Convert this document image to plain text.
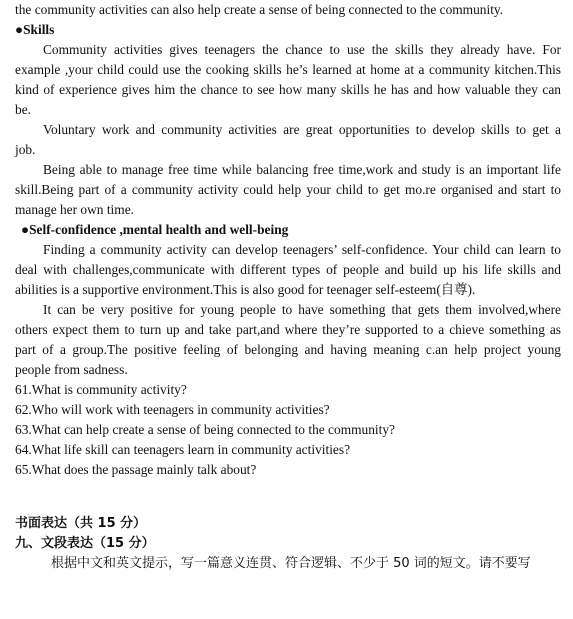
the community activities can also help create a sense of being connected to the community.
●Skills
Community activities gives teenagers the chance to use the skills they already have. For
example ,your child could use the cooking skills he’s learned at home at a community kitchen.This
kind of experience gives him the chance to see how many skills he has and how valuable they can
be.
Voluntary work and community activities are great opportunities to develop skills to get a
job.
Being able to manage free time while balancing free time,work and study is an important life
skill.Being part of a community activity could help your child to get mo.re organised and start to
manage her own time.
●Self-confidence ,mental health and well-being
Finding a community activity can develop teenagers’ self-confidence. Your child can learn to
deal with challenges,communicate with different types of people and build up his life skills and
abilities is a supportive environment.This is also good for teenager self-esteem(自尊).
It can be very positive for young people to have something that gets them involved,where
others expect them to turn up and take part,and where they’re supported to a chieve something as
part of a group.The positive feeling of belonging and having meaning c.an help project young
people from sadness.
61.What is community activity?
62.Who will work with teenagers in community activities?
63.What can help create a sense of being connected to the community?
64.What life skill can teenagers learn in community activities?
65.What does the passage mainly talk about?
书面表达（共 15 分）
九、文段表达（15 分）
根据中文和英文提示，写一篇意义连贯、符合逻辑、不少于 50 词的短文。请不要写
